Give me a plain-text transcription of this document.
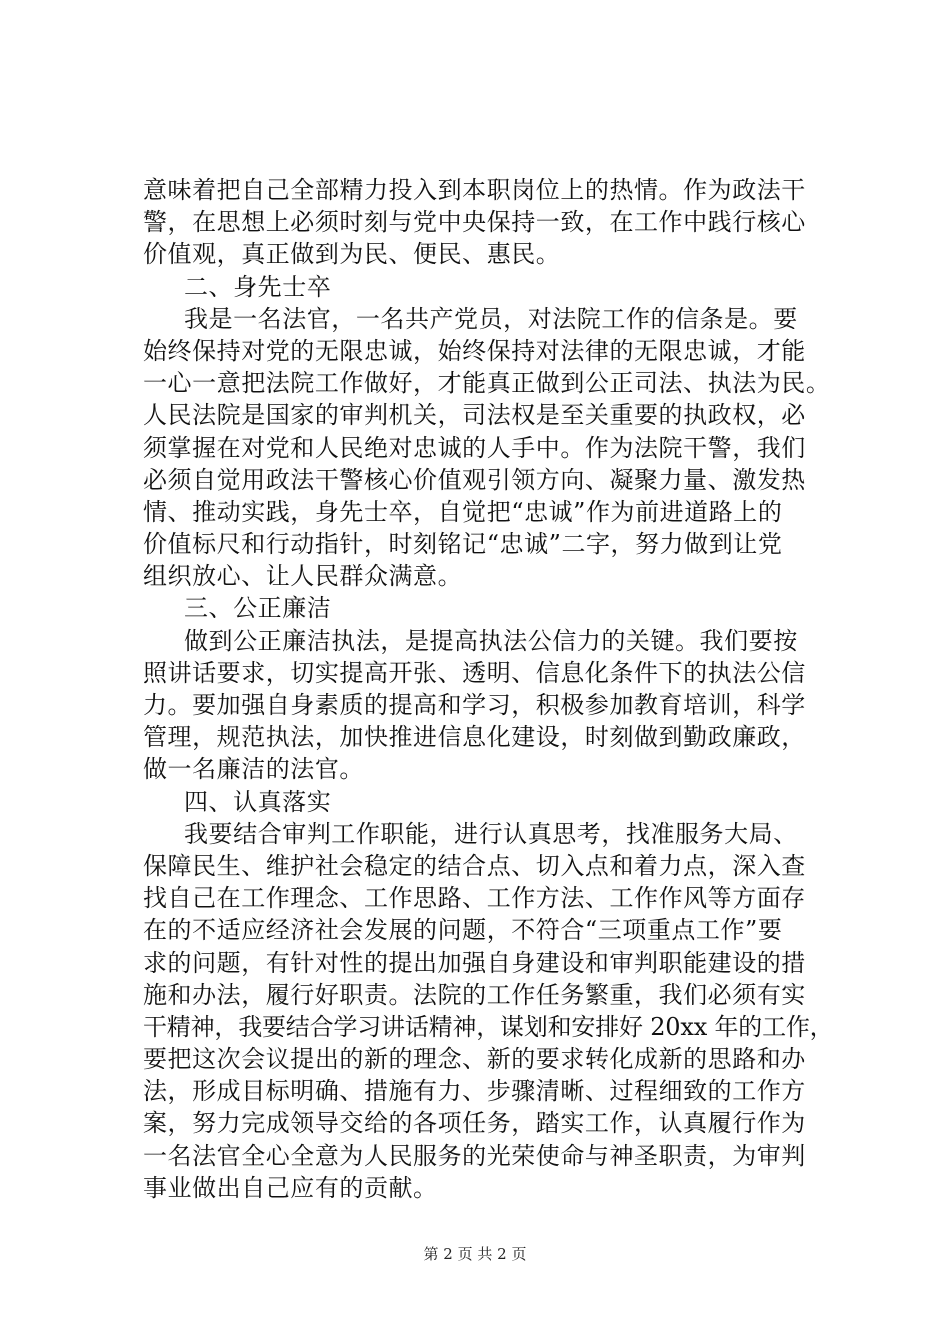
意味着把自己全部精力投入到本职岗位上的热情。作为政法干
警，在思想上必须时刻与党中央保持一致，在工作中践行核心
价值观，真正做到为民、便民、惠民。
二、身先士卒
我是一名法官，一名共产党员，对法院工作的信条是。要
始终保持对党的无限忠诚，始终保持对法律的无限忠诚，才能
一心一意把法院工作做好，才能真正做到公正司法、执法为民。
人民法院是国家的审判机关，司法权是至关重要的执政权，必
须掌握在对党和人民绝对忠诚的人手中。作为法院干警，我们
必须自觉用政法干警核心价值观引领方向、凝聚力量、激发热
情、推动实践，身先士卒，自觉把“忠诚”作为前进道路上的
价值标尺和行动指针，时刻铭记“忠诚”二字，努力做到让党
组织放心、让人民群众满意。
三、公正廉洁
做到公正廉洁执法，是提高执法公信力的关键。我们要按
照讲话要求，切实提高开张、透明、信息化条件下的执法公信
力。要加强自身素质的提高和学习，积极参加教育培训，科学
管理，规范执法，加快推进信息化建设，时刻做到勤政廉政，
做一名廉洁的法官。
四、认真落实
我要结合审判工作职能，进行认真思考，找准服务大局、
保障民生、维护社会稳定的结合点、切入点和着力点，深入查
找自己在工作理念、工作思路、工作方法、工作作风等方面存
在的不适应经济社会发展的问题，不符合“三项重点工作”要
求的问题，有针对性的提出加强自身建设和审判职能建设的措
施和办法，履行好职责。法院的工作任务繁重，我们必须有实
干精神，我要结合学习讲话精神，谋划和安排好 20xx 年的工作，
要把这次会议提出的新的理念、新的要求转化成新的思路和办
法，形成目标明确、措施有力、步骤清晰、过程细致的工作方
案，努力完成领导交给的各项任务，踏实工作，认真履行作为
一名法官全心全意为人民服务的光荣使命与神圣职责，为审判
事业做出自己应有的贡献。
第 2 页 共 2 页
